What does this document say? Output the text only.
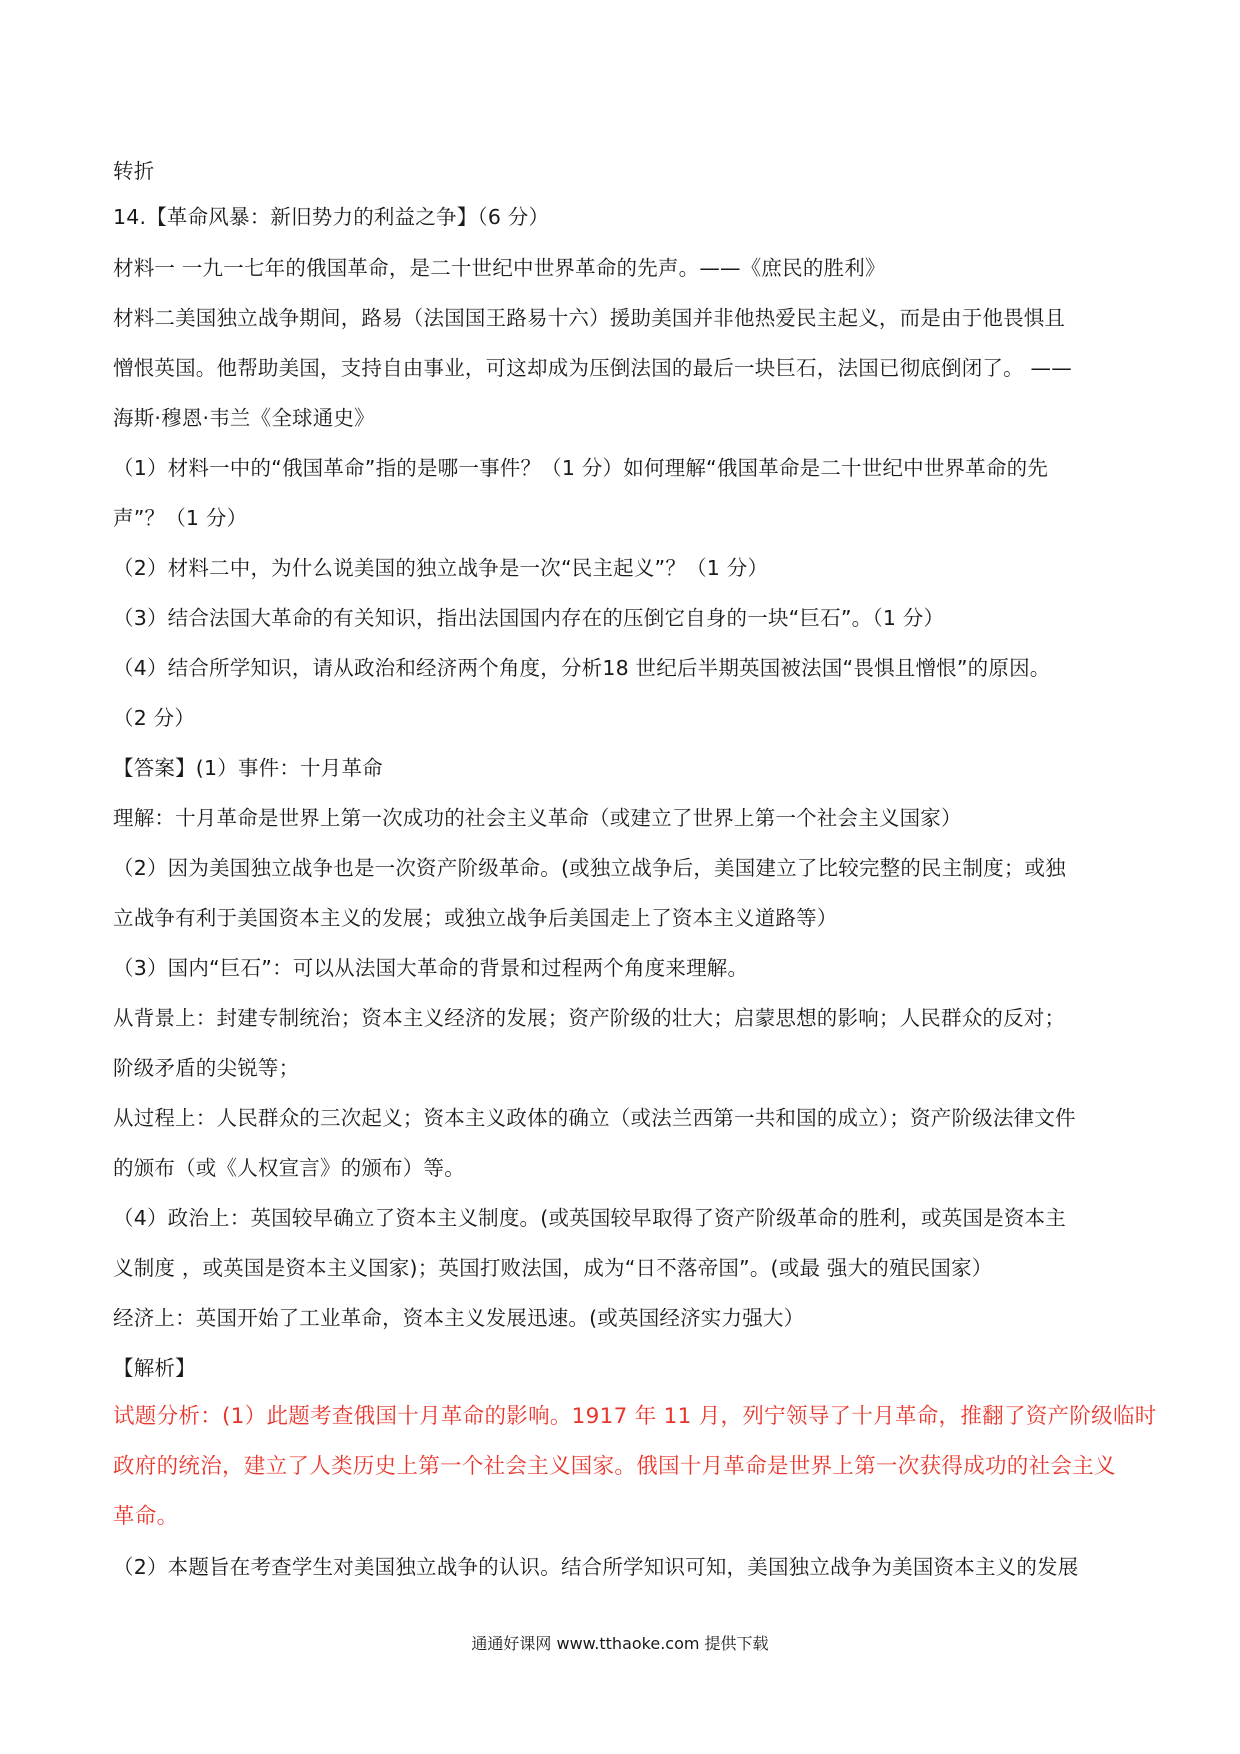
转折
14.【革命风暴：新旧势力的利益之争】（6 分）
材料一 一九一七年的俄国革命，是二十世纪中世界革命的先声。——《庶民的胜利》
材料二美国独立战争期间，路易（法国国王路易十六）援助美国并非他热爱民主起义，而是由于他畏惧且
憎恨英国。他帮助美国，支持自由事业，可这却成为压倒法国的最后一块巨石，法国已彻底倒闭了。 ——
海斯·穆恩·韦兰《全球通史》
（1）材料一中的“俄国革命”指的是哪一事件？（1 分）如何理解“俄国革命是二十世纪中世界革命的先
声”？（1 分）
（2）材料二中，为什么说美国的独立战争是一次“民主起义”？（1 分）
（3）结合法国大革命的有关知识，指出法国国内存在的压倒它自身的一块“巨石”。（1 分）
（4）结合所学知识，请从政治和经济两个角度，分析18 世纪后半期英国被法国“畏惧且憎恨”的原因。
（2 分）
【答案】(1）事件：十月革命
理解：十月革命是世界上第一次成功的社会主义革命（或建立了世界上第一个社会主义国家）
（2）因为美国独立战争也是一次资产阶级革命。(或独立战争后，美国建立了比较完整的民主制度；或独
立战争有利于美国资本主义的发展；或独立战争后美国走上了资本主义道路等）
（3）国内“巨石”：可以从法国大革命的背景和过程两个角度来理解。
从背景上：封建专制统治；资本主义经济的发展；资产阶级的壮大；启蒙思想的影响；人民群众的反对；
阶级矛盾的尖锐等；
从过程上：人民群众的三次起义；资本主义政体的确立（或法兰西第一共和国的成立）；资产阶级法律文件
的颁布（或《人权宣言》的颁布）等。
（4）政治上：英国较早确立了资本主义制度。(或英国较早取得了资产阶级革命的胜利，或英国是资本主
义制度 ，或英国是资本主义国家)；英国打败法国，成为“日不落帝国”。(或最 强大的殖民国家）
经济上：英国开始了工业革命，资本主义发展迅速。(或英国经济实力强大）
【解析】
试题分析：(1）此题考查俄国十月革命的影响。1917 年 11 月，列宁领导了十月革命，推翻了资产阶级临时
政府的统治，建立了人类历史上第一个社会主义国家。俄国十月革命是世界上第一次获得成功的社会主义
革命。
（2）本题旨在考查学生对美国独立战争的认识。结合所学知识可知，美国独立战争为美国资本主义的发展
通通好课网 www.tthaoke.com 提供下载
